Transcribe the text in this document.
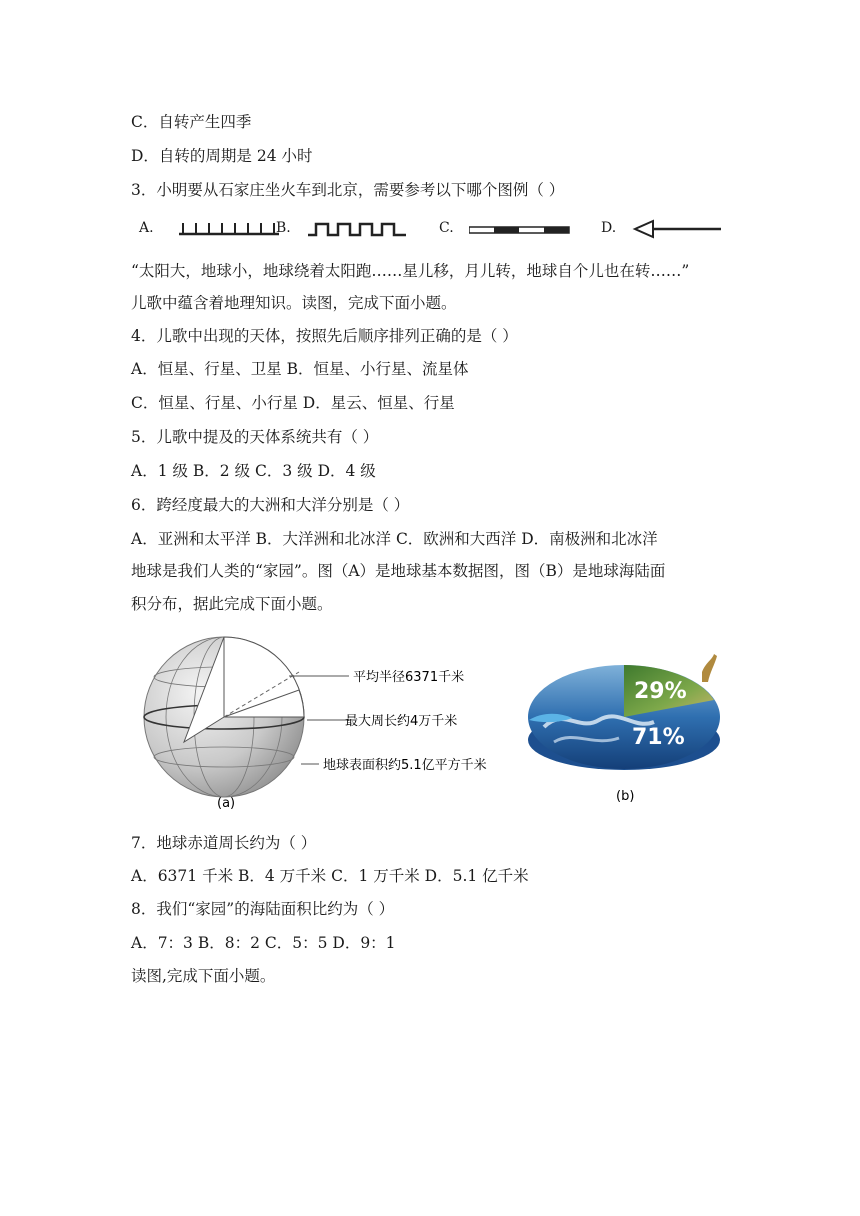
C．自转产生四季
D．自转的周期是 24 小时
3．小明要从石家庄坐火车到北京，需要参考以下哪个图例（ ）
A.	B.	C.	D.
“太阳大，地球小，地球绕着太阳跑……星儿移，月儿转，地球自个儿也在转……”
儿歌中蕴含着地理知识。读图，完成下面小题。
4．儿歌中出现的天体，按照先后顺序排列正确的是（ ）
A．恒星、行星、卫星 B．恒星、小行星、流星体
C．恒星、行星、小行星 D．星云、恒星、行星
5．儿歌中提及的天体系统共有（ ）
A．1 级 B．2 级 C．3 级 D．4 级
6．跨经度最大的大洲和大洋分别是（ ）
A．亚洲和太平洋 B．大洋洲和北冰洋 C．欧洲和大西洋 D．南极洲和北冰洋
地球是我们人类的“家园”。图（A）是地球基本数据图，图（B）是地球海陆面
积分布，据此完成下面小题。
平均半径6371千米
最大周长约4万千米
地球表面积约5.1亿平方千米
(a)
29%
71%
(b)
7．地球赤道周长约为（ ）
A．6371 千米 B．4 万千米 C．1 万千米 D．5.1 亿千米
8．我们“家园”的海陆面积比约为（ ）
A．7：3 B．8：2 C．5：5 D．9：1
读图,完成下面小题。
